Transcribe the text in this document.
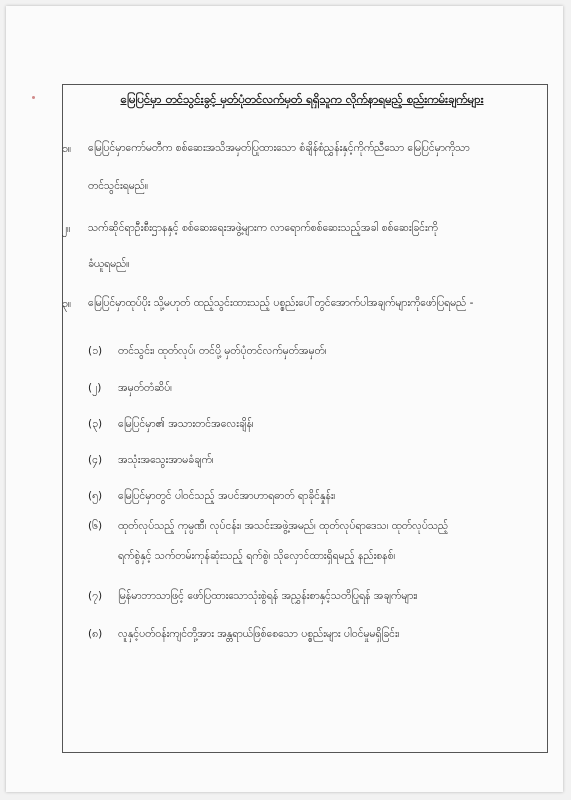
မြေပြင်မှာ တင်သွင်းခွင့် မှတ်ပုံတင်လက်မှတ် ရရှိသူက လိုက်နာရမည့် စည်းကမ်းချက်များ
၁။ မြေပြင်မှာကော်မတီက စစ်ဆေးအသိအမှတ်ပြုထားသော စံချိန်စံညွှန်းနှင့်ကိုက်ညီသော မြေပြင်မှာကိုသာ
တင်သွင်းရမည်။
၂။ သက်ဆိုင်ရာဦးစီးဌာနနှင့် စစ်ဆေးရေးအဖွဲ့များက လာရောက်စစ်ဆေးသည့်အခါ စစ်ဆေးခြင်းကို
ခံယူရမည်။
၃။ မြေပြင်မှာထုပ်ပိုး သို့မဟုတ် ထည့်သွင်းထားသည့် ပစ္စည်းပေါ်တွင်အောက်ပါအချက်များကိုဖော်ပြရမည် -
(၁) တင်သွင်း၊ ထုတ်လုပ်၊ တင်ပို့ မှတ်ပုံတင်လက်မှတ်အမှတ်၊
(၂) အမှတ်တံဆိပ်၊
(၃) မြေပြင်မှာ၏ အသားတင်အလေးချိန်၊
(၄) အသုံးအသွေးအာမခံချက်၊
(၅) မြေပြင်မှာတွင် ပါဝင်သည့် အပင်အာဟာရဓာတ် ရာခိုင်နှုန်း၊
(၆) ထုတ်လုပ်သည့် ကုမ္ပဏီ၊ လုပ်ငန်း၊ အသင်းအဖွဲ့အမည်၊ ထုတ်လုပ်ရာဒေသ၊ ထုတ်လုပ်သည့်
ရက်စွဲနှင့် သက်တမ်းကုန်ဆုံးသည့် ရက်စွဲ၊ သိုလှောင်ထားရှိရမည့် နည်းစနစ်၊
(၇) မြန်မာဘာသာဖြင့် ဖော်ပြထားသောသုံးစွဲရန် အညွှန်းစာနှင့်သတိပြုရန် အချက်များ၊
(၈) လူနှင့်ပတ်ဝန်းကျင်တို့အား အန္တရာယ်ဖြစ်စေသော ပစ္စည်းများ ပါဝင်မှုမရှိခြင်း၊
